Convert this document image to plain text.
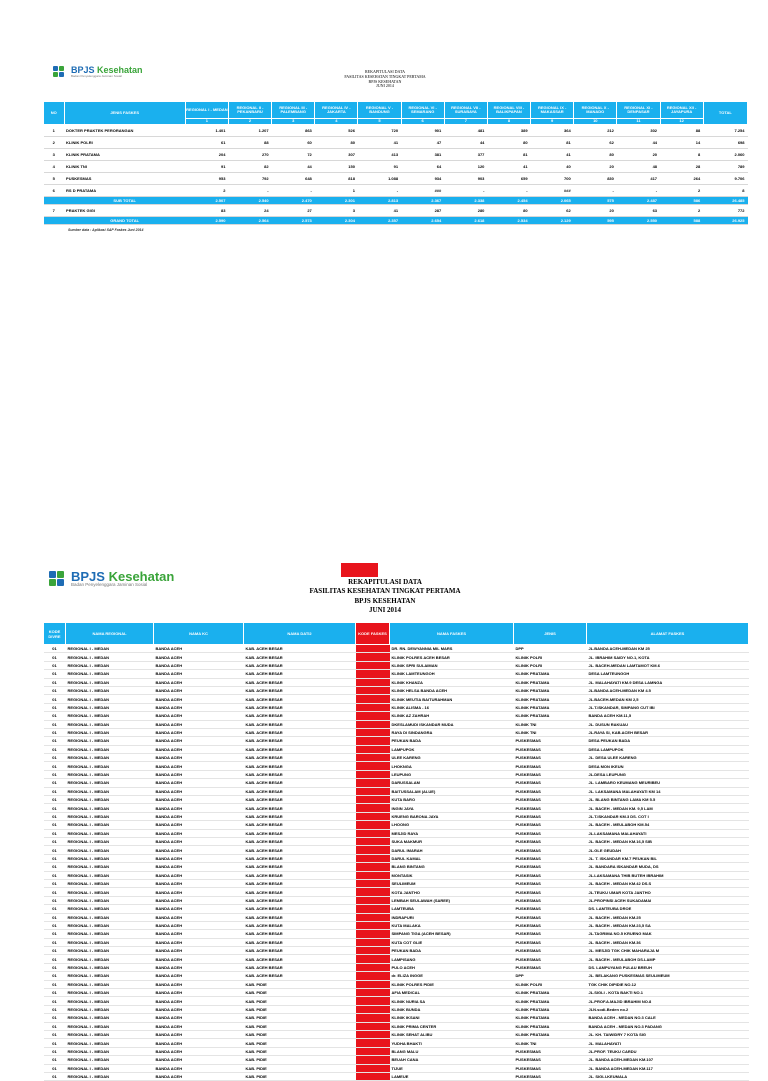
BPJS Kesehatan
Badan Penyelenggara Jaminan Sosial
REKAPITULASI DATA
FASILITAS KESEHATAN TINGKAT PERTAMA
BPJS KESEHATAN
JUNI 2014
NO	JENIS FASKES	REGIONAL I - MEDAN	REGIONAL II - PEKANBARU	REGIONAL III - PALEMBANG	REGIONAL IV - JAKARTA	REGIONAL V - BANDUNG	REGIONAL VI - SEMARANG	REGIONAL VII - SURABAYA	REGIONAL VIII - BALIKPAPAN	REGIONAL IX - MAKASSAR	REGIONAL X - MANADO	REGIONAL XI - DENPASAR	REGIONAL XII - JAYAPURA	TOTAL
		1	2	3	4	5	6	7	8	9	10	11	12	
1	DOKTER PRAKTEK PERORANGAN	1.401	1.207	863	526	720	901	481	389	364	212	302	88	7.254
2	KLINIK POLRI	61	88	60	80	41	47	44	80	81	62	44	14	698
3	KLINIK PRATAMA	204	270	72	307	413	381	377	81	41	80	20	8	2.060
4	KLINIK TNI	91	82	44	150	91	64	120	41	40	20	48	28	789
5	PUSKESMAS	953	792	648	818	1.088	934	903	659	700	830	417	264	9.706
6	RS D PRATAMA	2	-	-	1	-	###	-	-	###	-	-	2	8
	SUB TOTAL	2.507	2.540	2.470	2.301	2.813	2.367	2.338	2.454	2.065	575	2.487	586	26.485
7	PRAKTEK GIGI	83	24	27	3	41	287	280	80	62	20	63	2	772
	GRAND TOTAL	2.590	2.564	2.573	2.304	2.357	2.654	2.618	2.534	2.129	595	2.550	588	26.925
Sumber data : Aplikasi SAP Faskes Juni 2014
BPJS Kesehatan
Badan Penyelenggara Jaminan Sosial	REKAPITULASI DATA
FASILITAS KESEHATAN TINGKAT PERTAMA
BPJS KESEHATAN
JUNI 2014
KODE DIVRE	NAMA REGIONAL	NAMA KC	NAMA DATI2	KODE FASKES	NAMA FASKES	JENIS	ALAMAT FASKES
01	REGIONAL I - MEDAN	BANDA ACEH	KAB. ACEH BESAR	00010001	DR. RN. DEWYANNIA MIL MARS	DPP	JL.BANDA ACEH-MEDAN KM 25
01	REGIONAL I - MEDAN	BANDA ACEH	KAB. ACEH BESAR	00010002	KLINIK POLRES ACEH BESAR	KLINIK POLRI	JL. IBRAHIM SAIDY NO.1, KOTA
01	REGIONAL I - MEDAN	BANDA ACEH	KAB. ACEH BESAR	00010003	KLINIK SPRI SULAIMAN	KLINIK POLRI	JL. BACEH-MEDAN LAMTAMOT KM.6
01	REGIONAL I - MEDAN	BANDA ACEH	KAB. ACEH BESAR	00010004	KLINIK LAMTEUNGOH	KLINIK PRATAMA	DESA LAMTEUNGOH
01	REGIONAL I - MEDAN	BANDA ACEH	KAB. ACEH BESAR	00010005	KLINIK KHANZA	KLINIK PRATAMA	JL. MALAHAYATI KM.9 DESA LAMNGA
01	REGIONAL I - MEDAN	BANDA ACEH	KAB. ACEH BESAR	00010006	KLINIK HELSA BANDA ACEH	KLINIK PRATAMA	JL.BANDA ACEH-MEDAN KM 4.5
01	REGIONAL I - MEDAN	BANDA ACEH	KAB. ACEH BESAR	00010007	KLINIK MEUTIA BAITURAHMAN	KLINIK PRATAMA	JL.BACEH-MEDAN KM 2,5
01	REGIONAL I - MEDAN	BANDA ACEH	KAB. ACEH BESAR	00010008	KLINIK ALISMA - 16	KLINIK PRATAMA	JL.T.ISKANDAR, SIMPANG CUT IBI
01	REGIONAL I - MEDAN	BANDA ACEH	KAB. ACEH BESAR	00010009	KLINIK AZ ZAHRAH	KLINIK PRATAMA	BANDA ACEH KM.11,5
01	REGIONAL I - MEDAN	BANDA ACEH	KAB. ACEH BESAR	00010010	DKESLAMUDI ISKANDAR MUDA	KLINIK TNI	JL. DUSUN RAKUAU
01	REGIONAL I - MEDAN	BANDA ACEH	KAB. ACEH BESAR	00010011	RAYA DI SINDANGRA	KLINIK TNI	JL.RAYA SI, KAB.ACEH BESAR
01	REGIONAL I - MEDAN	BANDA ACEH	KAB. ACEH BESAR	01010001	PEUKAN BADA	PUSKESMAS	DESA PEUKAN BADA
01	REGIONAL I - MEDAN	BANDA ACEH	KAB. ACEH BESAR	01010002	LAMPUPOK	PUSKESMAS	DESA LAMPUPOK
01	REGIONAL I - MEDAN	BANDA ACEH	KAB. ACEH BESAR	01010003	ULEE KARENG	PUSKESMAS	JL. DESA ULEE KARENG
01	REGIONAL I - MEDAN	BANDA ACEH	KAB. ACEH BESAR	01010004	LHOKNGA	PUSKESMAS	DESA MON IKEUN
01	REGIONAL I - MEDAN	BANDA ACEH	KAB. ACEH BESAR	01010005	LEUPUNG	PUSKESMAS	JL.DESA LEUPUNG
01	REGIONAL I - MEDAN	BANDA ACEH	KAB. ACEH BESAR	01010006	DARUSSALAM	PUSKESMAS	JL. LAMBARO KEUMANG MEURIBEU
01	REGIONAL I - MEDAN	BANDA ACEH	KAB. ACEH BESAR	01010007	BAITUSSALAM (ALUE)	PUSKESMAS	JL. LAKSAMANA MALAHAYATI KM 14
01	REGIONAL I - MEDAN	BANDA ACEH	KAB. ACEH BESAR	01010008	KUTA BARO	PUSKESMAS	JL. BLANG BINTANG LAMA KM 5.5
01	REGIONAL I - MEDAN	BANDA ACEH	KAB. ACEH BESAR	01010009	INGIN JAYA	PUSKESMAS	JL. BACEH - MEDAN KM. 9,5 LAM
01	REGIONAL I - MEDAN	BANDA ACEH	KAB. ACEH BESAR	01010010	KRUENG BARONA JAYA	PUSKESMAS	JL.T.ISKANDAR KM.3 DS. COT I
01	REGIONAL I - MEDAN	BANDA ACEH	KAB. ACEH BESAR	01010011	LHOONG	PUSKESMAS	JL. BACEH - MEULABOH KM.54
01	REGIONAL I - MEDAN	BANDA ACEH	KAB. ACEH BESAR	01010012	MESJID RAYA	PUSKESMAS	JL.LAKSAMANA MALAHAYATI
01	REGIONAL I - MEDAN	BANDA ACEH	KAB. ACEH BESAR	01010013	SUKA MAKMUR	PUSKESMAS	JL. BACEH - MEDAN KM.16,5 SIB
01	REGIONAL I - MEDAN	BANDA ACEH	KAB. ACEH BESAR	01010014	DARUL IMARAH	PUSKESMAS	JL.GLE GEUDAH
01	REGIONAL I - MEDAN	BANDA ACEH	KAB. ACEH BESAR	01010015	DARUL KAMAL	PUSKESMAS	JL. T. ISKANDAR KM.7 PEUKAN BIL
01	REGIONAL I - MEDAN	BANDA ACEH	KAB. ACEH BESAR	01010016	BLANG BINTANG	PUSKESMAS	JL. BANDARA ISKANDAR MUDA, DS
01	REGIONAL I - MEDAN	BANDA ACEH	KAB. ACEH BESAR	01010017	MONTASIK	PUSKESMAS	JL.LAKSAMANA THIB BUTEH IBRAHIM
01	REGIONAL I - MEDAN	BANDA ACEH	KAB. ACEH BESAR	01010018	SEULIMEUM	PUSKESMAS	JL. BACEH - MEDAN KM.42 DS.S
01	REGIONAL I - MEDAN	BANDA ACEH	KAB. ACEH BESAR	01010019	KOTA JANTHO	PUSKESMAS	JL.TEUKU UMAR KOTA JANTHO
01	REGIONAL I - MEDAN	BANDA ACEH	KAB. ACEH BESAR	01010020	LEMBAH SEULAWAH (SAREE)	PUSKESMAS	JL.PROPINSI ACEH SUKADAMAI
01	REGIONAL I - MEDAN	BANDA ACEH	KAB. ACEH BESAR	01010021	LAMTEUBA	PUSKESMAS	DS. LAMTEUBA DROE
01	REGIONAL I - MEDAN	BANDA ACEH	KAB. ACEH BESAR	01010022	INDRAPURI	PUSKESMAS	JL. BACEH - MEDAN KM.25
01	REGIONAL I - MEDAN	BANDA ACEH	KAB. ACEH BESAR	01010023	KUTA MALAKA	PUSKESMAS	JL. BACEH - MEDAN KM.23,5 SA
01	REGIONAL I - MEDAN	BANDA ACEH	KAB. ACEH BESAR	01010024	SIMPANG TIGA (ACEH BESAR)	PUSKESMAS	JL.TAGRIMA NO.5 KRUENG MAK
01	REGIONAL I - MEDAN	BANDA ACEH	KAB. ACEH BESAR	01010025	KUTA COT GLIE	PUSKESMAS	JL. BACEH - MEDAN KM.36
01	REGIONAL I - MEDAN	BANDA ACEH	KAB. ACEH BESAR	01010026	PEUKAN BADA	PUSKESMAS	JL. MESJID TGK CHIK MAHARAJA M
01	REGIONAL I - MEDAN	BANDA ACEH	KAB. ACEH BESAR	01010027	LAMPISANG	PUSKESMAS	JL. BACEH - MEULABOH DS.LAMP
01	REGIONAL I - MEDAN	BANDA ACEH	KAB. ACEH BESAR	01010028	PULO ACEH	PUSKESMAS	DS. LAMPUYANG PULAU BREUH
01	REGIONAL I - MEDAN	BANDA ACEH	KAB. ACEH BESAR	00010012	dr. ELIZA INGGE	DPP	JL. BELAKANG PUSKESMAS SEULIMEUM
01	REGIONAL I - MEDAN	BANDA ACEH	KAB. PIDIE	00010013	KLINIK POLRES PIDIE	KLINIK POLRI	TGK CHIK DIPIDIE NO.12
01	REGIONAL I - MEDAN	BANDA ACEH	KAB. PIDIE	00010014	AFIA MEDICAL	KLINIK PRATAMA	JL.SIGLI - KOTA BAKTI NO.1
01	REGIONAL I - MEDAN	BANDA ACEH	KAB. PIDIE	00010015	KLINIK NURIA SA	KLINIK PRATAMA	JL.PROF.A.MAJID IBRAHIM NO.8
01	REGIONAL I - MEDAN	BANDA ACEH	KAB. PIDIE	00010016	KLINIK BUNDA	KLINIK PRATAMA	JLN.sodi-Beden no.2
01	REGIONAL I - MEDAN	BANDA ACEH	KAB. PIDIE	00010017	KLINIK IKSANI	KLINIK PRATAMA	BANDA ACEH - MEDAN NO.3 CALE
01	REGIONAL I - MEDAN	BANDA ACEH	KAB. PIDIE	00010018	KLINIK PRIMA CENTER	KLINIK PRATAMA	BANDA ACEH - MEDAN NO.3 PADANG
01	REGIONAL I - MEDAN	BANDA ACEH	KAB. PIDIE	00010019	KLINIK SEHAT ALIBU	KLINIK PRATAMA	JL. KH. TAIWIDRY 7 KOTA SIG
01	REGIONAL I - MEDAN	BANDA ACEH	KAB. PIDIE	00010020	YUDHA BHAKTI	KLINIK TNI	JL. MALAHAYATI
01	REGIONAL I - MEDAN	BANDA ACEH	KAB. PIDIE	01020001	BLANG MALU	PUSKESMAS	JL.PROF. TEUKU CARDU
01	REGIONAL I - MEDAN	BANDA ACEH	KAB. PIDIE	01020002	BEUAH CANA	PUSKESMAS	JL. BANDA ACEH-MEDAN KM.107
01	REGIONAL I - MEDAN	BANDA ACEH	KAB. PIDIE	01020003	TIJUE	PUSKESMAS	JL. BANDA ACEH-MEDAN KM.117
01	REGIONAL I - MEDAN	BANDA ACEH	KAB. PIDIE	01020004	LAMEUE	PUSKESMAS	JL. SIGLI-KEUMALA
